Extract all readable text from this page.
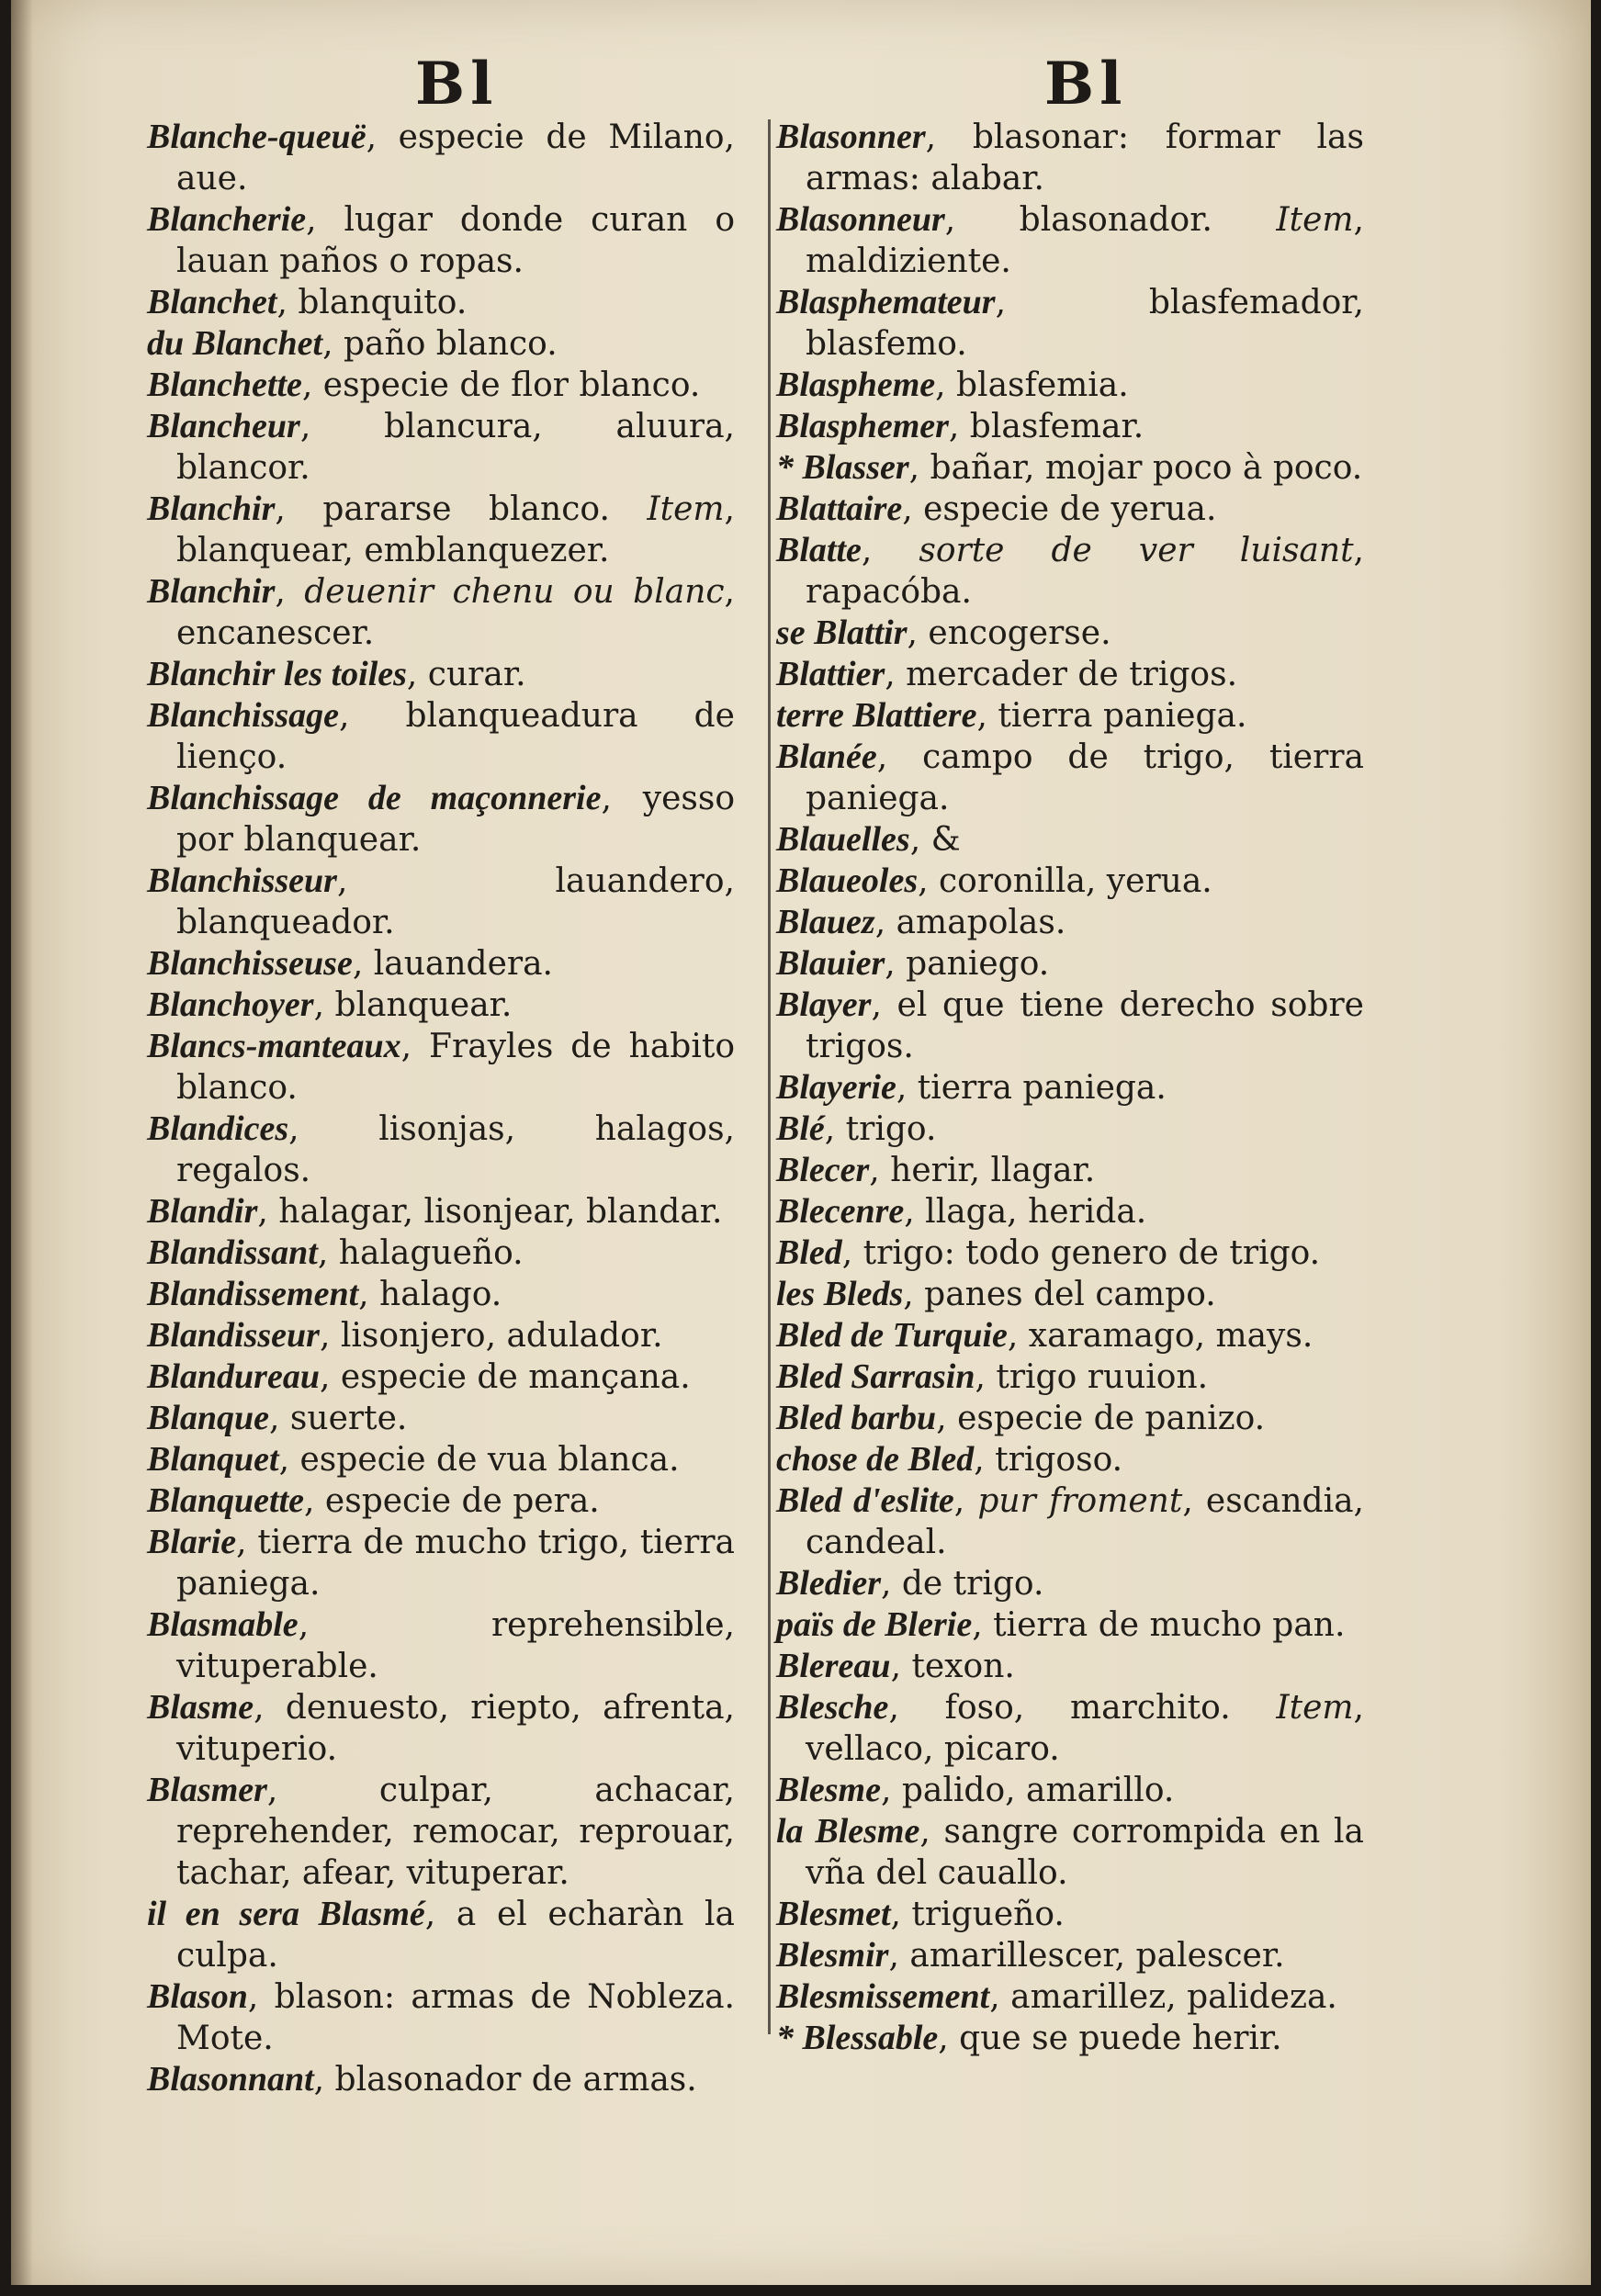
Bl	Bl
Blanche-queuë, especie de Milano, aue.
Blancherie, lugar donde curan o lauan paños o ropas.
Blanchet, blanquito.
du Blanchet, paño blanco.
Blanchette, especie de flor blanco.
Blancheur, blancura, aluura, blancor.
Blanchir, pararse blanco. Item, blanquear, emblanquezer.
Blanchir, deuenir chenu ou blanc, encanescer.
Blanchir les toiles, curar.
Blanchissage, blanqueadura de lienço.
Blanchissage de maçonnerie, yesso por blanquear.
Blanchisseur, lauandero, blanqueador.
Blanchisseuse, lauandera.
Blanchoyer, blanquear.
Blancs-manteaux, Frayles de habito blanco.
Blandices, lisonjas, halagos, regalos.
Blandir, halagar, lisonjear, blandar.
Blandissant, halagueño.
Blandissement, halago.
Blandisseur, lisonjero, adulador.
Blandureau, especie de mançana.
Blanque, suerte.
Blanquet, especie de vua blanca.
Blanquette, especie de pera.
Blarie, tierra de mucho trigo, tierra paniega.
Blasmable, reprehensible, vituperable.
Blasme, denuesto, riepto, afrenta, vituperio.
Blasmer, culpar, achacar, reprehender, remocar, reprouar, tachar, afear, vituperar.
il en sera Blasmé, a el echaràn la culpa.
Blason, blason: armas de Nobleza. Mote.
Blasonnant, blasonador de armas.
Blasonner, blasonar: formar las armas: alabar.
Blasonneur, blasonador. Item, maldiziente.
Blasphemateur, blasfemador, blasfemo.
Blaspheme, blasfemia.
Blasphemer, blasfemar.
* Blasser, bañar, mojar poco à poco.
Blattaire, especie de yerua.
Blatte, sorte de ver luisant, rapacóba.
se Blattir, encogerse.
Blattier, mercader de trigos.
terre Blattiere, tierra paniega.
Blanée, campo de trigo, tierra paniega.
Blauelles, &
Blaueoles, coronilla, yerua.
Blauez, amapolas.
Blauier, paniego.
Blayer, el que tiene derecho sobre trigos.
Blayerie, tierra paniega.
Blé, trigo.
Blecer, herir, llagar.
Blecenre, llaga, herida.
Bled, trigo: todo genero de trigo.
les Bleds, panes del campo.
Bled de Turquie, xaramago, mays.
Bled Sarrasin, trigo ruuion.
Bled barbu, especie de panizo.
chose de Bled, trigoso.
Bled d'eslite, pur froment, escandia, candeal.
Bledier, de trigo.
païs de Blerie, tierra de mucho pan.
Blereau, texon.
Blesche, foso, marchito. Item, vellaco, picaro.
Blesme, palido, amarillo.
la Blesme, sangre corrompida en la vña del cauallo.
Blesmet, trigueño.
Blesmir, amarillescer, palescer.
Blesmissement, amarillez, palideza.
* Blessable, que se puede herir.
